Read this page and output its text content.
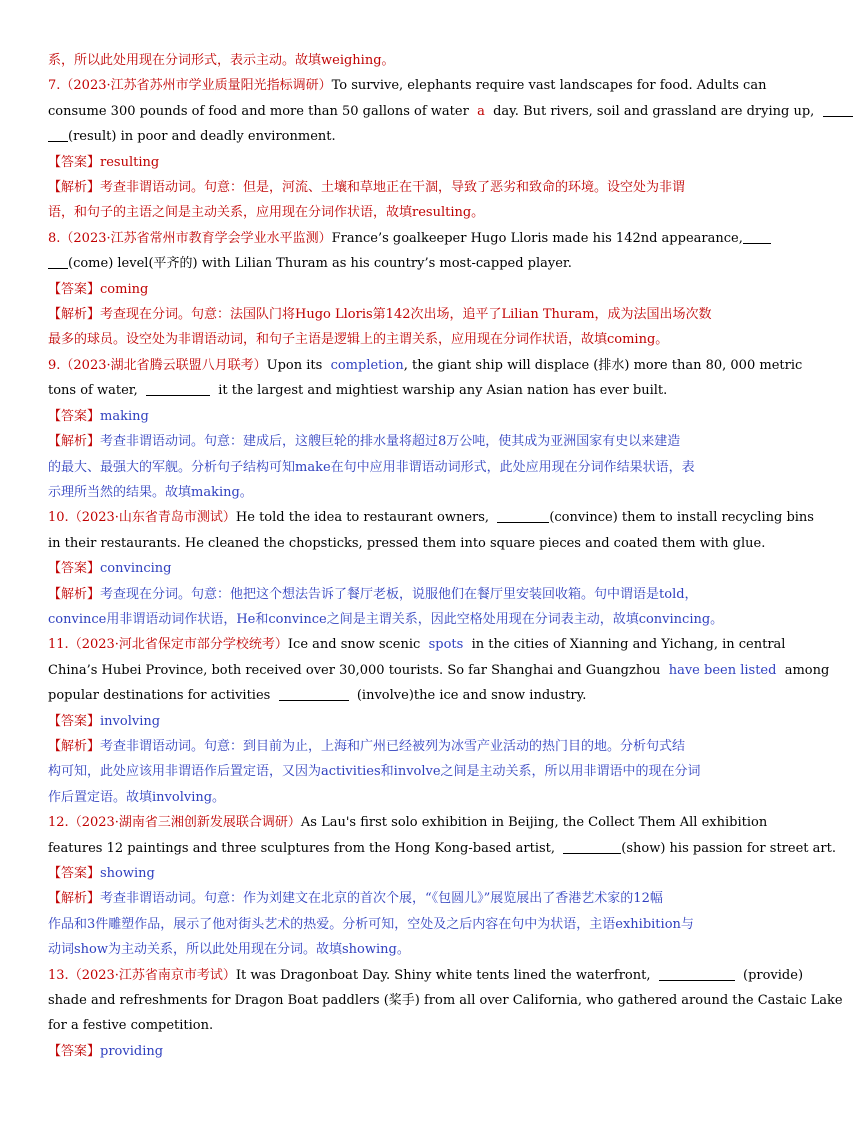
系，所以此处用现在分词形式，表示主动。故填weighing。
7.（2023·江苏省苏州市学业质量阳光指标调研）To survive, elephants require vast landscapes for food. Adults can
consume 300 pounds of food and more than 50 gallons of water a day. But rivers, soil and grassland are drying up,
(result) in poor and deadly environment.
【答案】resulting
【解析】考查非谓语动词。句意：但是，河流、土壤和草地正在干涸，导致了恶劣和致命的环境。设空处为非谓
语，和句子的主语之间是主动关系，应用现在分词作状语，故填resulting。
8.（2023·江苏省常州市教育学会学业水平监测）France’s goalkeeper Hugo Lloris made his 142nd appearance,
(come) level(平齐的) with Lilian Thuram as his country’s most-capped player.
【答案】coming
【解析】考查现在分词。句意：法国队门将Hugo Lloris第142次出场，追平了Lilian Thuram，成为法国出场次数
最多的球员。设空处为非谓语动词，和句子主语是逻辑上的主谓关系，应用现在分词作状语，故填coming。
9.（2023·湖北省腾云联盟八月联考）Upon its completion, the giant ship will displace (排水) more than 80, 000 metric
tons of water,	it the largest and mightiest warship any Asian nation has ever built.
【答案】making
【解析】考查非谓语动词。句意：建成后，这艘巨轮的排水量将超过8万公吨，使其成为亚洲国家有史以来建造
的最大、最强大的军舰。分析句子结构可知make在句中应用非谓语动词形式，此处应用现在分词作结果状语，表
示理所当然的结果。故填making。
10.（2023·山东省青岛市测试）He told the idea to restaurant owners,	(convince) them to install recycling bins
in their restaurants. He cleaned the chopsticks, pressed them into square pieces and coated them with glue.
【答案】convincing
【解析】考查现在分词。句意：他把这个想法告诉了餐厅老板，说服他们在餐厅里安装回收箱。句中谓语是told，
convince用非谓语动词作状语，He和convince之间是主谓关系，因此空格处用现在分词表主动，故填convincing。
11.（2023·河北省保定市部分学校统考）Ice and snow scenic spots in the cities of Xianning and Yichang, in central
China’s Hubei Province, both received over 30,000 tourists. So far Shanghai and Guangzhou have been listed among
popular destinations for activities	(involve)the ice and snow industry.
【答案】involving
【解析】考查非谓语动词。句意：到目前为止，上海和广州已经被列为冰雪产业活动的热门目的地。分析句式结
构可知，此处应该用非谓语作后置定语，又因为activities和involve之间是主动关系，所以用非谓语中的现在分词
作后置定语。故填involving。
12.（2023·湖南省三湘创新发展联合调研）As Lau's first solo exhibition in Beijing, the Collect Them All exhibition
features 12 paintings and three sculptures from the Hong Kong-based artist,	(show) his passion for street art.
【答案】showing
【解析】考查非谓语动词。句意：作为刘建文在北京的首次个展，“《包圆儿》”展览展出了香港艺术家的12幅
作品和3件雕塑作品，展示了他对街头艺术的热爱。分析可知，空处及之后内容在句中为状语，主语exhibition与
动词show为主动关系，所以此处用现在分词。故填showing。
13.（2023·江苏省南京市考试）It was Dragonboat Day. Shiny white tents lined the waterfront,	(provide)
shade and refreshments for Dragon Boat paddlers (桨手) from all over California, who gathered around the Castaic Lake
for a festive competition.
【答案】providing
